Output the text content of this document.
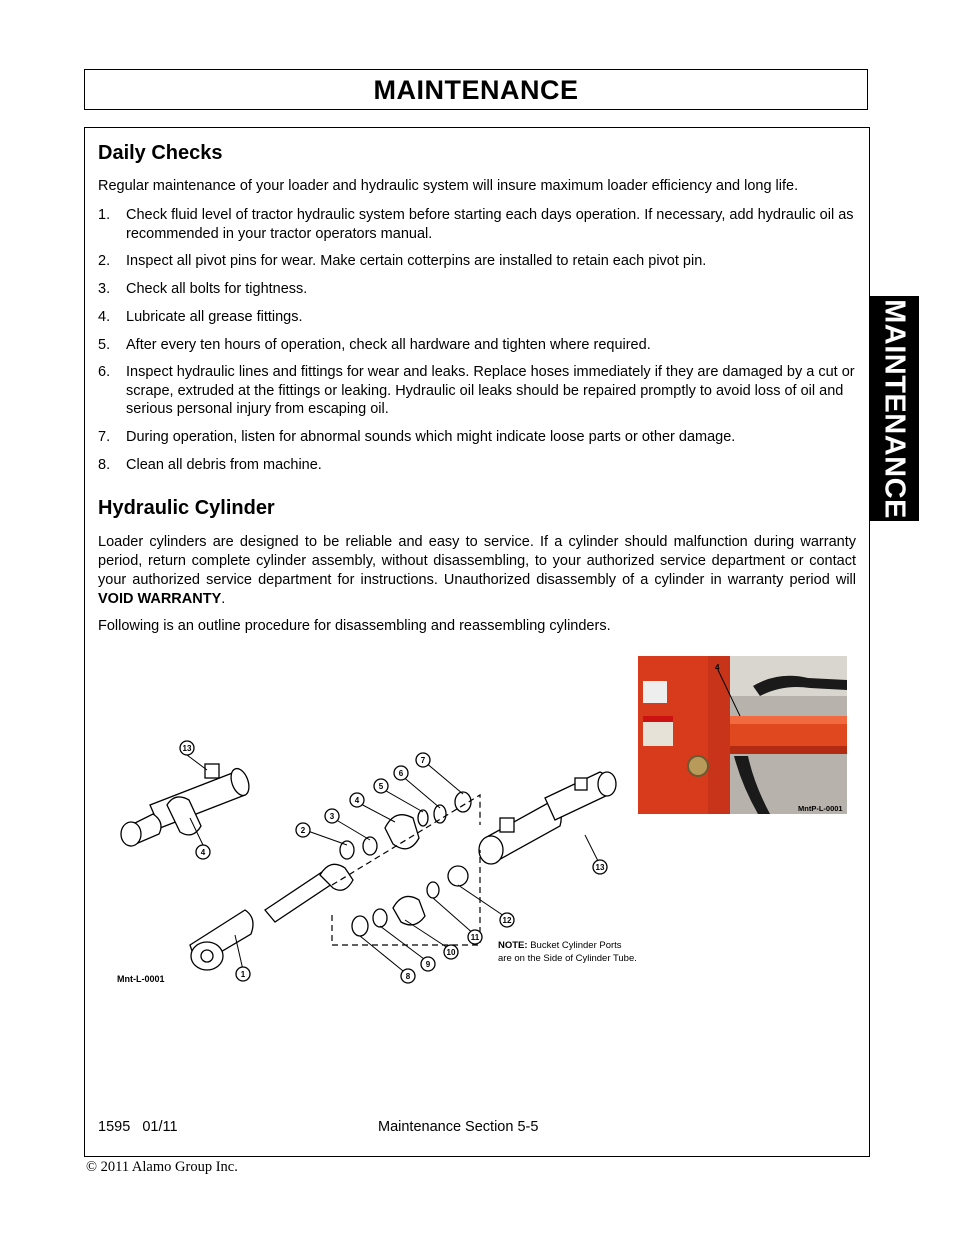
MAINTENANCE
MAINTENANCE
Daily Checks

Regular maintenance of your loader and hydraulic system will insure maximum loader efficiency and long life.

1. Check fluid level of tractor hydraulic system before starting each days operation. If necessary, add hydraulic oil as recommended in your tractor operators manual.
2. Inspect all pivot pins for wear. Make certain cotterpins are installed to retain each pivot pin.
3. Check all bolts for tightness.
4. Lubricate all grease fittings.
5. After every ten hours of operation, check all hardware and tighten where required.
6. Inspect hydraulic lines and fittings for wear and leaks. Replace hoses immediately if they are damaged by a cut or scrape, extruded at the fittings or leaking. Hydraulic oil leaks should be repaired promptly to avoid loss of oil and serious personal injury from escaping oil.
7. During operation, listen for abnormal sounds which might indicate loose parts or other damage.
8. Clean all debris from machine.
Hydraulic Cylinder

Loader cylinders are designed to be reliable and easy to service. If a cylinder should malfunction during warranty period, return complete cylinder assembly, without disassembling, to your authorized service department or contact your authorized service department for instructions. Unauthorized disassembly of a cylinder in warranty period will VOID WARRANTY.

Following is an outline procedure for disassembling and reassembling cylinders.

13
4
2
3
4
5
6
7
1	8
9
10
11
12
13
Mnt-L-0001
NOTE: Bucket Cylinder Ports
are on the Side of Cylinder Tube.
4
MntP-L-0001
1595   01/11	Maintenance Section 5-5
© 2011 Alamo Group Inc.
